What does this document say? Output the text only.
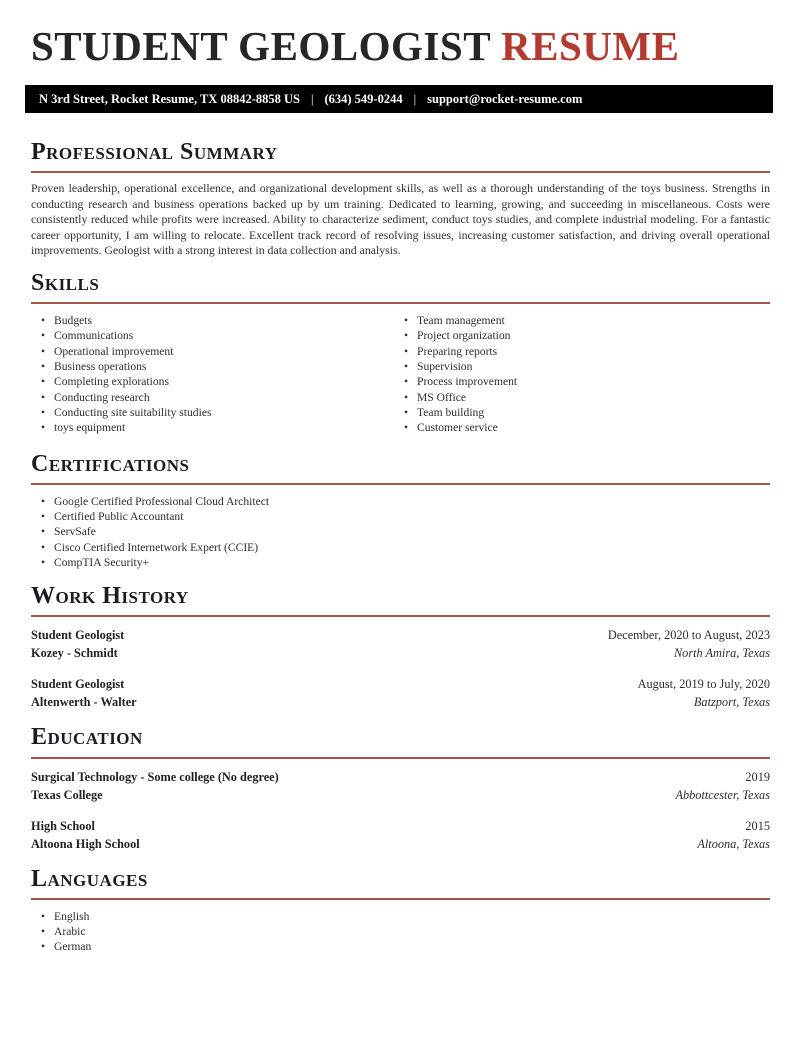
STUDENT GEOLOGIST RESUME
N 3rd Street, Rocket Resume, TX 08842-8858 US | (634) 549-0244 | support@rocket-resume.com
Professional Summary

Proven leadership, operational excellence, and organizational development skills, as well as a thorough understanding of the toys business. Strengths in conducting research and business operations backed up by um training. Dedicated to learning, growing, and succeeding in miscellaneous. Costs were consistently reduced while profits were increased. Ability to characterize sediment, conduct toys studies, and complete industrial modeling. For a fantastic career opportunity, I am willing to relocate. Excellent track record of resolving issues, increasing customer satisfaction, and driving overall operational improvements. Geologist with a strong interest in data collection and analysis.

Skills
• Budgets
• Communications
• Operational improvement
• Business operations
• Completing explorations
• Conducting research
• Conducting site suitability studies
• toys equipment
• Team management
• Project organization
• Preparing reports
• Supervision
• Process improvement
• MS Office
• Team building
• Customer service
Certifications
• Google Certified Professional Cloud Architect
• Certified Public Accountant
• ServSafe
• Cisco Certified Internetwork Expert (CCIE)
• CompTIA Security+
Work History
Student Geologist	December, 2020 to August, 2023
Kozey - Schmidt	North Amira, Texas
Student Geologist	August, 2019 to July, 2020
Altenwerth - Walter	Batzport, Texas
Education
Surgical Technology - Some college (No degree)	2019
Texas College	Abbottcester, Texas
High School	2015
Altoona High School	Altoona, Texas
Languages
• English
• Arabic
• German
